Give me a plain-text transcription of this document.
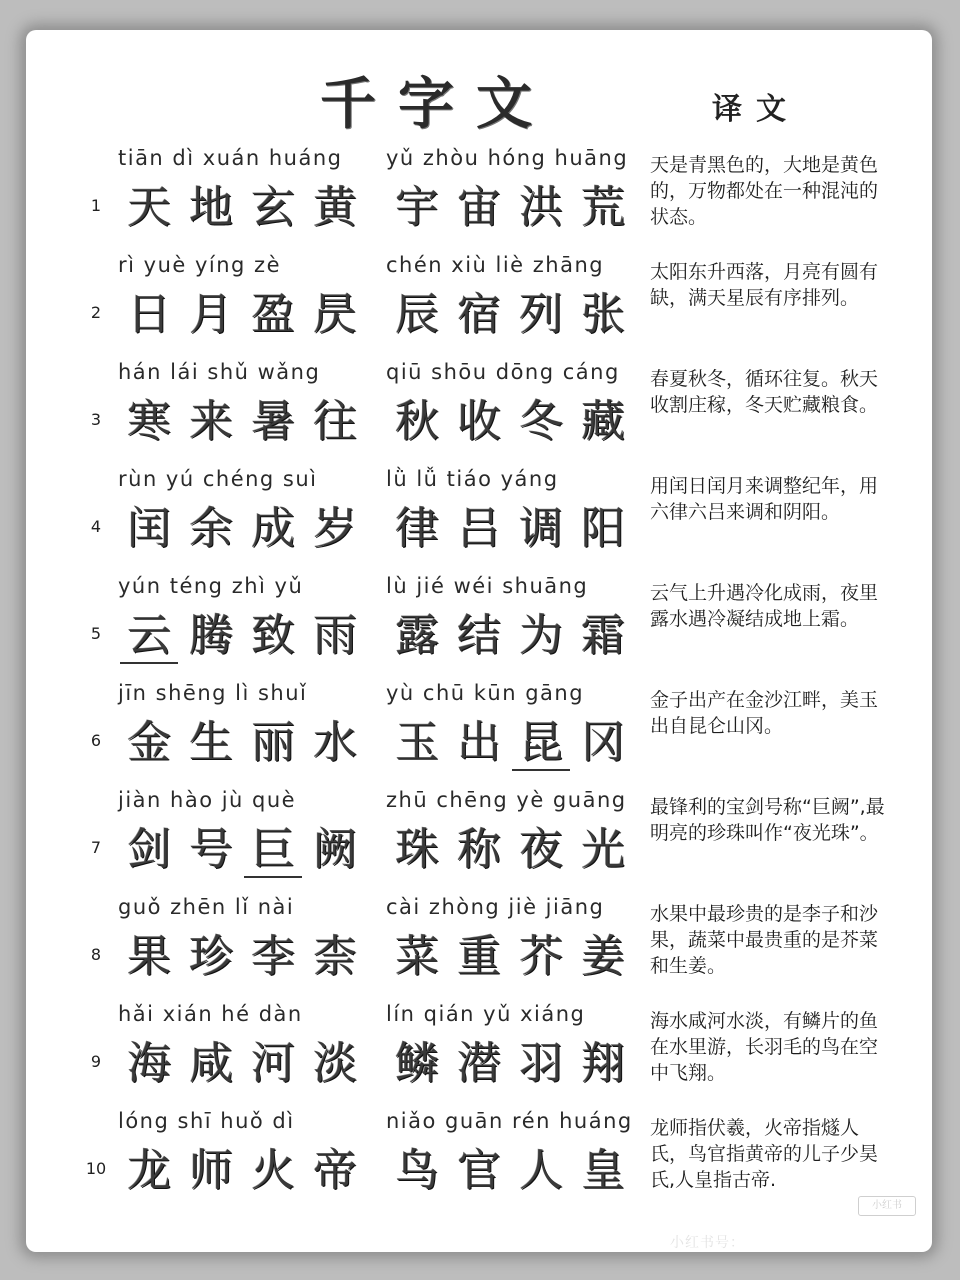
千字文	译文
1
tiān dì xuán huáng
天 地 玄 黄
yǔ zhòu hóng huāng
宇 宙 洪 荒
天是青黑色的，大地是黄色的，万物都处在一种混沌的状态。
2
rì yuè yíng zè
日 月 盈 昃
chén xiù liè zhāng
辰 宿 列 张
太阳东升西落，月亮有圆有缺，满天星辰有序排列。
3
hán lái shǔ wǎng
寒 来 暑 往
qiū shōu dōng cáng
秋 收 冬 藏
春夏秋冬，循环往复。秋天收割庄稼，冬天贮藏粮食。
4
rùn yú chéng suì
闰 余 成 岁
lǜ lǚ tiáo yáng
律 吕 调 阳
用闰日闰月来调整纪年，用六律六吕来调和阴阳。
5
yún téng zhì yǔ
云 腾 致 雨
lù jié wéi shuāng
露 结 为 霜
云气上升遇冷化成雨，夜里露水遇冷凝结成地上霜。
6
jīn shēng lì shuǐ
金 生 丽 水
yù chū kūn gāng
玉 出 昆 冈
金子出产在金沙江畔，美玉出自昆仑山冈。
7
jiàn hào jù què
剑 号 巨 阙
zhū chēng yè guāng
珠 称 夜 光
最锋利的宝剑号称“巨阙”,最明亮的珍珠叫作“夜光珠”。
8
guǒ zhēn lǐ nài
果 珍 李 柰
cài zhòng jiè jiāng
菜 重 芥 姜
水果中最珍贵的是李子和沙果，蔬菜中最贵重的是芥菜和生姜。
9
hǎi xián hé dàn
海 咸 河 淡
lín qián yǔ xiáng
鳞 潜 羽 翔
海水咸河水淡，有鳞片的鱼在水里游，长羽毛的鸟在空中飞翔。
10
lóng shī huǒ dì
龙 师 火 帝
niǎo guān rén huáng
鸟 官 人 皇
龙师指伏羲，火帝指燧人氏，鸟官指黄帝的儿子少昊氏,人皇指古帝.
小红书
小红书号：
